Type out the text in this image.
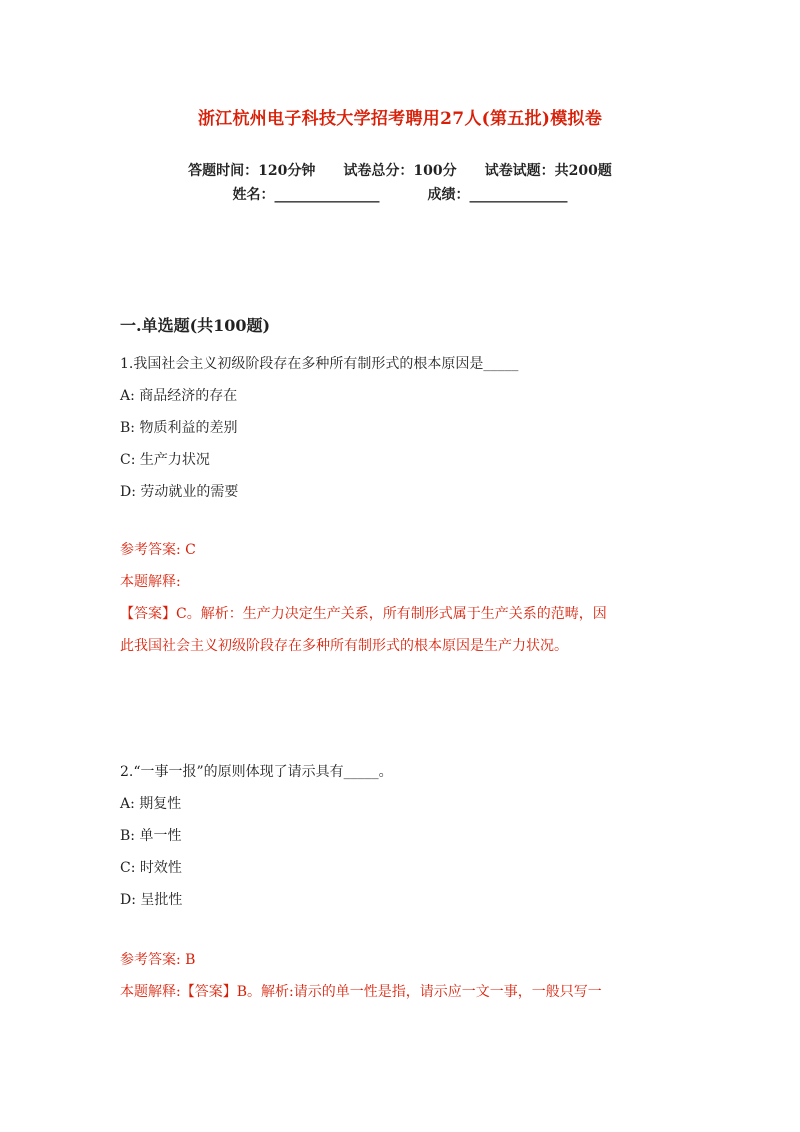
浙江杭州电子科技大学招考聘用27人(第五批)模拟卷
答题时间：120分钟 试卷总分：100分 试卷试题：共200题
姓名：_______________	成绩：______________
一.单选题(共100题)
1.我国社会主义初级阶段存在多种所有制形式的根本原因是_____
A: 商品经济的存在
B: 物质利益的差别
C: 生产力状况
D: 劳动就业的需要
参考答案: C
本题解释:
【答案】C。解析：生产力决定生产关系，所有制形式属于生产关系的范畴，因
此我国社会主义初级阶段存在多种所有制形式的根本原因是生产力状况。
2.“一事一报”的原则体现了请示具有_____。
A: 期复性
B: 单一性
C: 时效性
D: 呈批性
参考答案: B
本题解释:【答案】B。解析:请示的单一性是指，请示应一文一事，一般只写一
